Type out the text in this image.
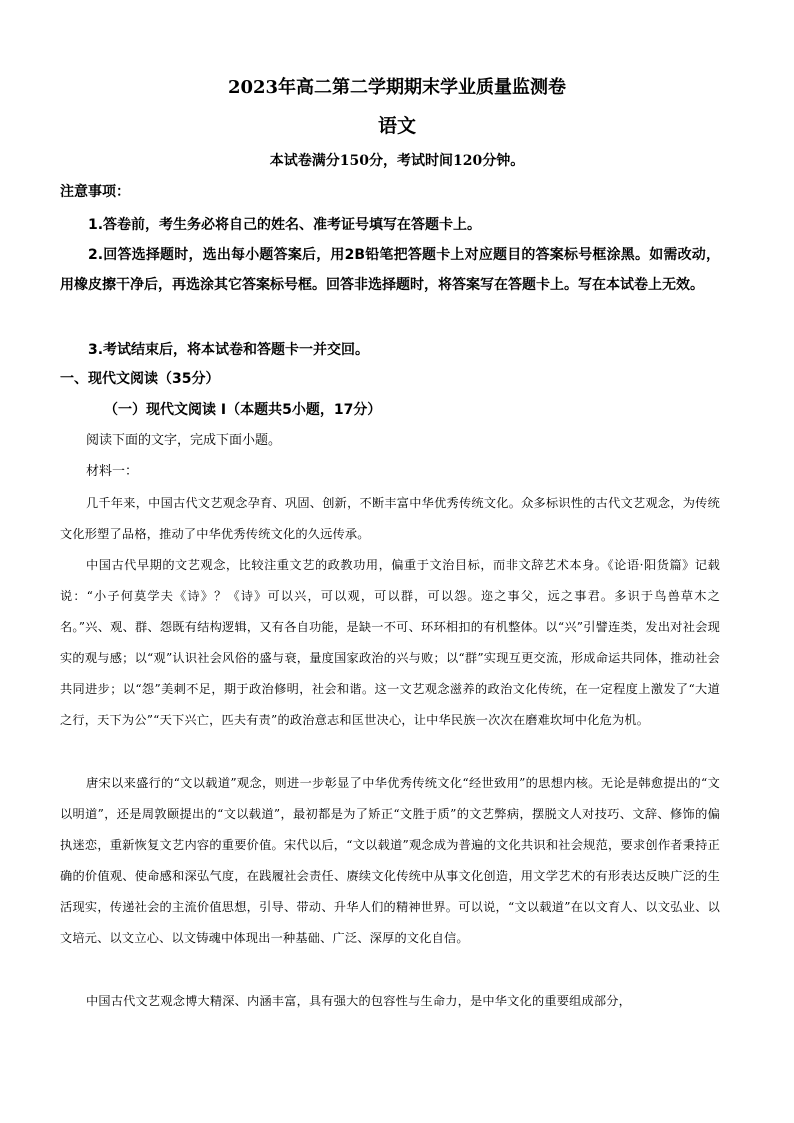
2023年高二第二学期期末学业质量监测卷
语文
本试卷满分150分，考试时间120分钟。
注意事项：
1.答卷前，考生务必将自己的姓名、准考证号填写在答题卡上。
2.回答选择题时，选出每小题答案后，用2B铅笔把答题卡上对应题目的答案标号框涂黑。如需改动，用橡皮擦干净后，再选涂其它答案标号框。回答非选择题时，将答案写在答题卡上。写在本试卷上无效。
3.考试结束后，将本试卷和答题卡一并交回。
一、现代文阅读（35分）
（一）现代文阅读 I（本题共5小题，17分）
阅读下面的文字，完成下面小题。
材料一：
几千年来，中国古代文艺观念孕育、巩固、创新，不断丰富中华优秀传统文化。众多标识性的古代文艺观念，为传统文化形塑了品格，推动了中华优秀传统文化的久远传承。
中国古代早期的文艺观念，比较注重文艺的政教功用，偏重于文治目标，而非文辞艺术本身。《论语·阳货篇》记载说：“小子何莫学夫《诗》？《诗》可以兴，可以观，可以群，可以怨。迩之事父，远之事君。多识于鸟兽草木之名。”兴、观、群、怨既有结构逻辑，又有各自功能，是缺一不可、环环相扣的有机整体。以“兴”引譬连类，发出对社会现实的观与感；以“观”认识社会风俗的盛与衰，量度国家政治的兴与败；以“群”实现互更交流，形成命运共同体，推动社会共同进步；以“怨”美刺不足，期于政治修明，社会和谐。这一文艺观念滋养的政治文化传统，在一定程度上激发了“大道之行，天下为公”“天下兴亡，匹夫有责”的政治意志和匡世决心，让中华民族一次次在磨难坎坷中化危为机。
唐宋以来盛行的“文以载道”观念，则进一步彰显了中华优秀传统文化“经世致用”的思想内核。无论是韩愈提出的“文以明道”，还是周敦颐提出的“文以载道”，最初都是为了矫正“文胜于质”的文艺弊病，摆脱文人对技巧、文辞、修饰的偏执迷恋，重新恢复文艺内容的重要价值。宋代以后，“文以载道”观念成为普遍的文化共识和社会规范，要求创作者秉持正确的价值观、使命感和深弘气度，在践履社会责任、赓续文化传统中从事文化创造，用文学艺术的有形表达反映广泛的生活现实，传递社会的主流价值思想，引导、带动、升华人们的精神世界。可以说，“文以载道”在以文育人、以文弘业、以文培元、以文立心、以文铸魂中体现出一种基础、广泛、深厚的文化自信。
中国古代文艺观念博大精深、内涵丰富，具有强大的包容性与生命力，是中华文化的重要组成部分，
